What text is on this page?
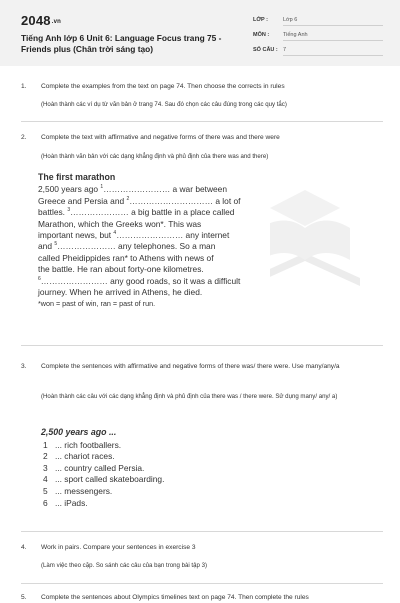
$2048^{.vn}$
Tiếng Anh lớp 6 Unit 6: Language Focus trang 75 - Friends plus (Chân trời sáng tạo)
LỚP :	Lớp 6
MÔN :	Tiếng Anh
SỐ CÂU : 7
1. Complete the examples from the text on page 74. Then choose the corrects in rules
(Hoàn thành các ví dụ từ văn bản ở trang 74. Sau đó chọn các câu đúng trong các quy tắc)
2. Complete the text with affirmative and negative forms of there was and there were
(Hoàn thành văn bản với các dạng khẳng định và phủ định của there was and there)
The first marathon
2,500 years ago $^1$…………………… a war between
Greece and Persia and $^2$………………………… a lot of
battles. $^3$………………… a big battle in a place called
Marathon, which the Greeks won*. This was
important news, but $^4$…………………… any internet
and $^5$………………… any telephones. So a man
called Pheidippides ran* to Athens with news of
the battle. He ran about forty-one kilometres.
$^6$…………………… any good roads, so it was a difficult
journey. When he arrived in Athens, he died.
*won = past of win, ran = past of run.
3. Complete the sentences with affirmative and negative forms of there was/ there were. Use many/any/a
(Hoàn thành các câu với các dạng khẳng định và phủ định của there was / there were. Sử dụng many/ any/ a)
2,500 years ago ...
1 ... rich footballers.
2 ... chariot races.
3 ... country called Persia.
4 ... sport called skateboarding.
5 ... messengers.
6 ... iPads.
4. Work in pairs. Compare your sentences in exercise 3
(Làm việc theo cặp. So sánh các câu của bạn trong bài tập 3)
5. Complete the sentences about Olympics timelines text on page 74. Then complete the rules
